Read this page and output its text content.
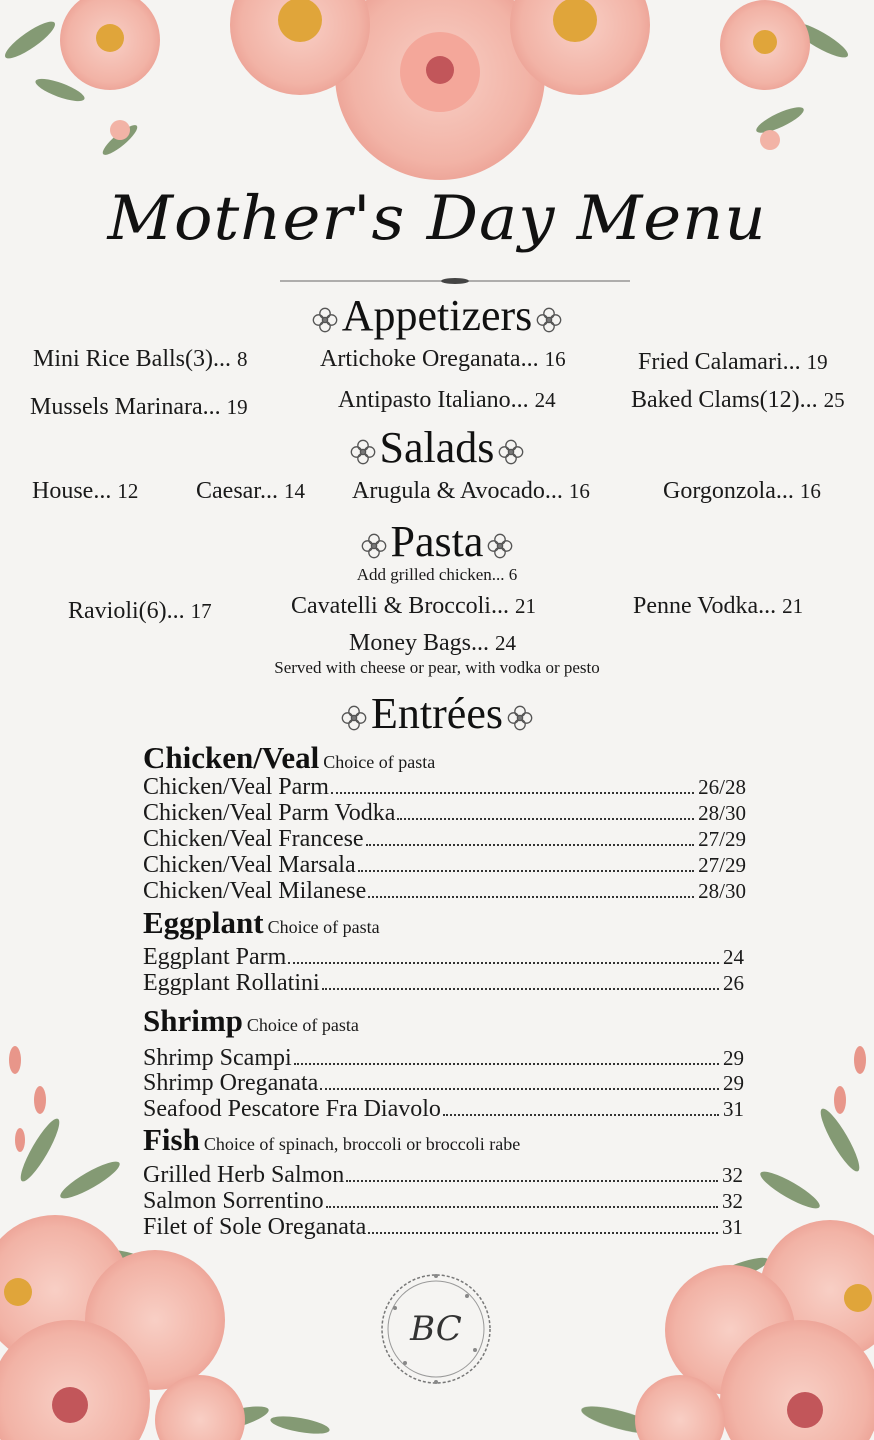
Mother's Day Menu
Appetizers
Mini Rice Balls(3)... 8	Artichoke Oreganata... 16	Fried Calamari... 19
Mussels Marinara... 19	Antipasto Italiano... 24	Baked Clams(12)... 25
Salads
House... 12 Caesar... 14 Arugula & Avocado... 16	Gorgonzola... 16
Pasta
Add grilled chicken... 6
Ravioli(6)... 17	Cavatelli & Broccoli... 21	Penne Vodka... 21
Money Bags... 24
Served with cheese or pear, with vodka or pesto
Entrées
Chicken/Veal Choice of pasta
Chicken/Veal Parm	26/28
Chicken/Veal Parm Vodka	28/30
Chicken/Veal Francese	27/29
Chicken/Veal Marsala	27/29
Chicken/Veal Milanese	28/30
Eggplant Choice of pasta
Eggplant Parm	24
Eggplant Rollatini	26
Shrimp Choice of pasta
Shrimp Scampi	29
Shrimp Oreganata	29
Seafood Pescatore Fra Diavolo	31
Fish Choice of spinach, broccoli or broccoli rabe
Grilled Herb Salmon	32
Salmon Sorrentino	32
Filet of Sole Oreganata	31
BC
